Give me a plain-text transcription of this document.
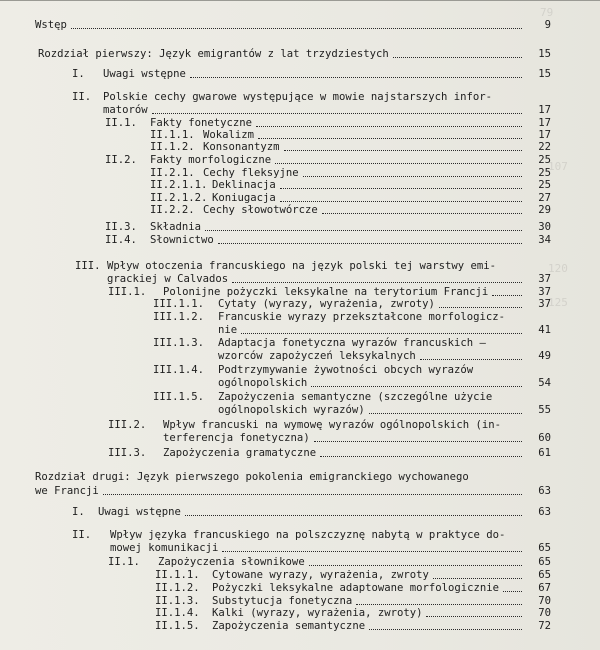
79
107
120
125
Wstęp	9
Rozdział pierwszy: Język emigrantów z lat trzydziestych	15
I. Uwagi wstępne	15
II. Polskie cechy gwarowe występujące w mowie najstarszych infor-
matorów	17
II.1. Fakty fonetyczne	17
II.1.1. Wokalizm	17
II.1.2. Konsonantyzm	22
II.2. Fakty morfologiczne	25
II.2.1. Cechy fleksyjne	25
II.2.1.1. Deklinacja	25
II.2.1.2. Koniugacja	27
II.2.2. Cechy słowotwórcze	29
II.3. Składnia	30
II.4. Słownictwo	34
III. Wpływ otoczenia francuskiego na język polski tej warstwy emi-
grackiej w Calvados	37
III.1. Polonijne pożyczki leksykalne na terytorium Francji	37
III.1.1. Cytaty (wyrazy, wyrażenia, zwroty)	37
III.1.2. Francuskie wyrazy przekształcone morfologicz-
nie	41
III.1.3. Adaptacja fonetyczna wyrazów francuskich –
wzorców zapożyczeń leksykalnych	49
III.1.4. Podtrzymywanie żywotności obcych wyrazów
ogólnopolskich	54
III.1.5. Zapożyczenia semantyczne (szczególne użycie
ogólnopolskich wyrazów)	55
III.2. Wpływ francuski na wymowę wyrazów ogólnopolskich (in-
terferencja fonetyczna)	60
III.3. Zapożyczenia gramatyczne	61
Rozdział drugi: Język pierwszego pokolenia emigranckiego wychowanego
we Francji	63
I. Uwagi wstępne	63
II. Wpływ języka francuskiego na polszczyznę nabytą w praktyce do-
mowej komunikacji	65
II.1. Zapożyczenia słownikowe	65
II.1.1. Cytowane wyrazy, wyrażenia, zwroty	65
II.1.2. Pożyczki leksykalne adaptowane morfologicznie	67
II.1.3. Substytucja fonetyczna	70
II.1.4. Kalki (wyrazy, wyrażenia, zwroty)	70
II.1.5. Zapożyczenia semantyczne	72
